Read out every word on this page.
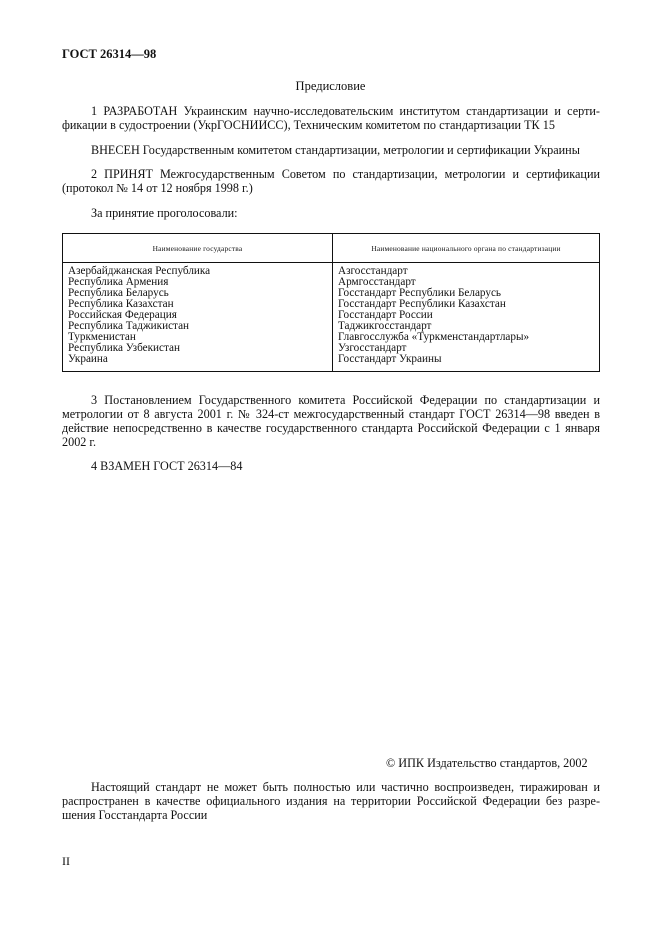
ГОСТ 26314—98
Предисловие
1 РАЗРАБОТАН Украинским научно-исследовательским институтом стандартизации и серти-
фикации в судостроении (УкрГОСНИИСС), Техническим комитетом по стандартизации ТК 15
ВНЕСЕН Государственным комитетом стандартизации, метрологии и сертификации Украины
2 ПРИНЯТ Межгосударственным Советом по стандартизации, метрологии и сертификации
(протокол № 14 от 12 ноября 1998 г.)
За принятие проголосовали:
Наименование государства	Наименование национального органа по стандартизации
Азербайджанская Республика
Республика Армения
Республика Беларусь
Республика Казахстан
Российская Федерация
Республика Таджикистан
Туркменистан
Республика Узбекистан
Украина
Азгосстандарт
Армгосстандарт
Госстандарт Республики Беларусь
Госстандарт Республики Казахстан
Госстандарт России
Таджикгосстандарт
Главгосслужба «Туркменстандартлары»
Узгосстандарт
Госстандарт Украины
3 Постановлением Государственного комитета Российской Федерации по стандартизации и
метрологии от 8 августа 2001 г. № 324-ст межгосударственный стандарт ГОСТ 26314—98 введен в
действие непосредственно в качестве государственного стандарта Российской Федерации с 1 января
2002 г.
4 ВЗАМЕН ГОСТ 26314—84
© ИПК Издательство стандартов, 2002
Настоящий стандарт не может быть полностью или частично воспроизведен, тиражирован и
распространен в качестве официального издания на территории Российской Федерации без разре-
шения Госстандарта России
II
